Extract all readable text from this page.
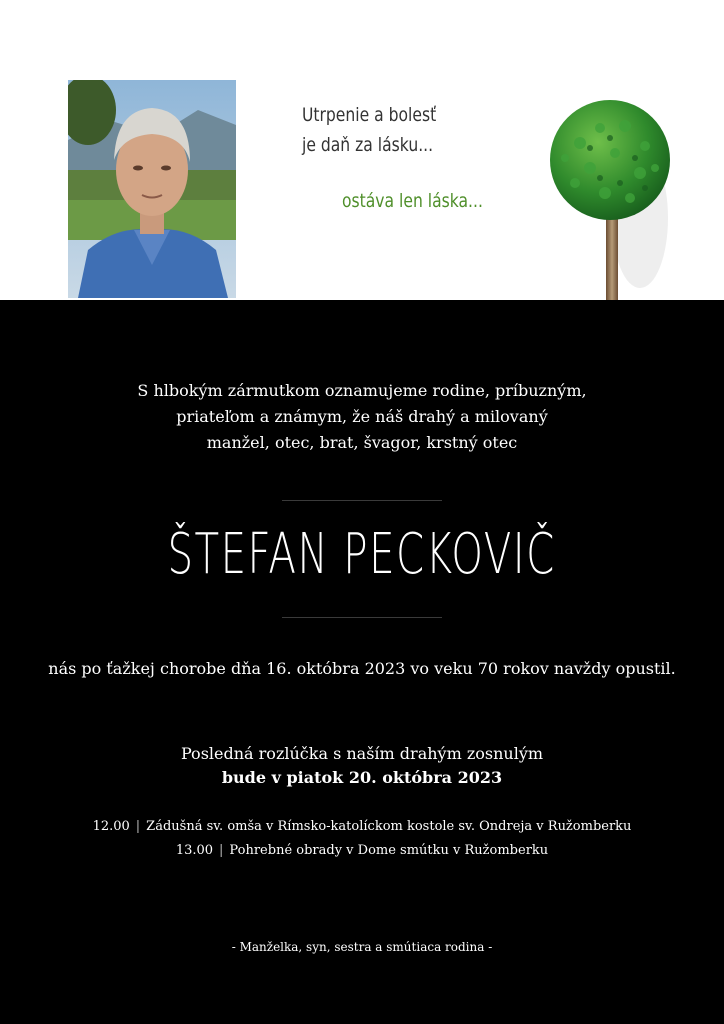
Utrpenie a bolesť
je daň za lásku...
ostáva len láska...
S hlbokým zármutkom oznamujeme rodine, príbuzným,
priateľom a známym, že náš drahý a milovaný
manžel, otec, brat, švagor, krstný otec
ŠTEFAN PECKOVIČ
nás po ťažkej chorobe dňa 16. októbra 2023 vo veku 70 rokov navždy opustil.
Posledná rozlúčka s naším drahým zosnulým
bude v piatok 20. októbra 2023
12.00 | Zádušná sv. omša v Rímsko-katolíckom kostole sv. Ondreja v Ružomberku
13.00 | Pohrebné obrady v Dome smútku v Ružomberku
- Manželka, syn, sestra a smútiaca rodina -
